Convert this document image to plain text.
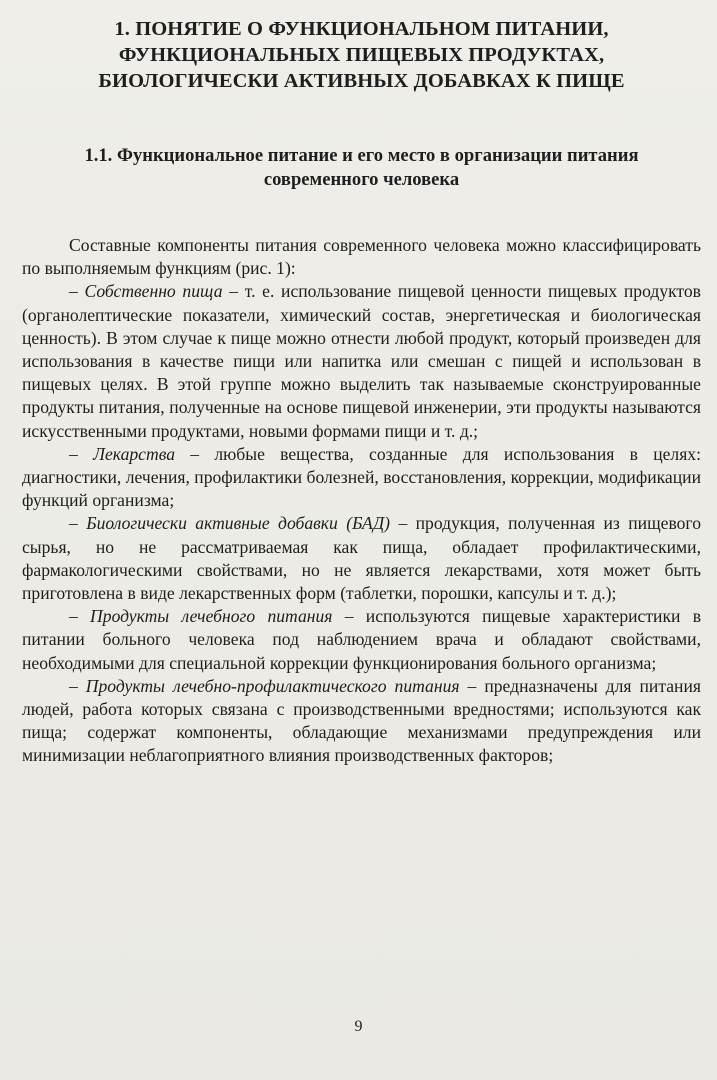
1. ПОНЯТИЕ О ФУНКЦИОНАЛЬНОМ ПИТАНИИ,
ФУНКЦИОНАЛЬНЫХ ПИЩЕВЫХ ПРОДУКТАХ,
БИОЛОГИЧЕСКИ АКТИВНЫХ ДОБАВКАХ К ПИЩЕ
1.1. Функциональное питание и его место в организации питания
современного человека

Составные компоненты питания современного человека можно классифицировать по выполняемым функциям (рис. 1):

– Собственно пища – т. е. использование пищевой ценности пищевых продуктов (органолептические показатели, химический состав, энергетическая и биологическая ценность). В этом случае к пище можно отнести любой продукт, который произведен для использования в качестве пищи или напитка или смешан с пищей и использован в пищевых целях. В этой группе можно выделить так называемые сконструированные продукты питания, полученные на основе пищевой инженерии, эти продукты называются искусственными продуктами, новыми формами пищи и т. д.;

– Лекарства – любые вещества, созданные для использования в целях: диагностики, лечения, профилактики болезней, восстановления, коррекции, модификации функций организма;

– Биологически активные добавки (БАД) – продукция, полученная из пищевого сырья, но не рассматриваемая как пища, обладает профилактическими, фармакологическими свойствами, но не является лекарствами, хотя может быть приготовлена в виде лекарственных форм (таблетки, порошки, капсулы и т. д.);

– Продукты лечебного питания – используются пищевые характеристики в питании больного человека под наблюдением врача и обладают свойствами, необходимыми для специальной коррекции функционирования больного организма;

– Продукты лечебно-профилактического питания – предназначены для питания людей, работа которых связана с производственными вредностями; используются как пища; содержат компоненты, обладающие механизмами предупреждения или минимизации неблагоприятного влияния производственных факторов;

9
